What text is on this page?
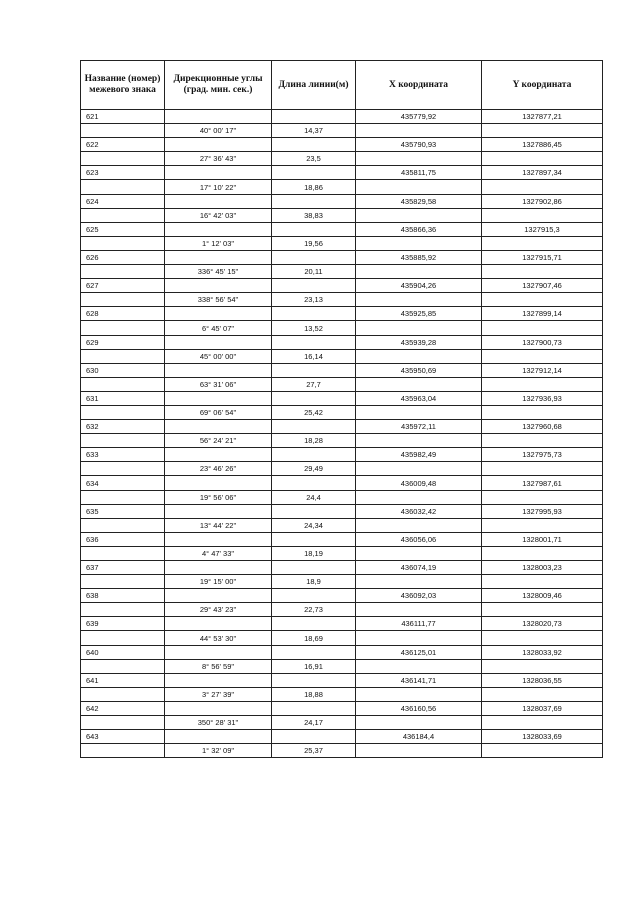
Название (номер) межевого знака	Дирекционные углы (град. мин. сек.)	Длина линии(м)	X координата	Y координата
621			435779,92	1327877,21
	40° 00' 17"	14,37		
622			435790,93	1327886,45
	27° 36' 43"	23,5		
623			435811,75	1327897,34
	17° 10' 22"	18,86		
624			435829,58	1327902,86
	16° 42' 03"	38,83		
625			435866,36	1327915,3
	1° 12' 03"	19,56		
626			435885,92	1327915,71
	336° 45' 15"	20,11		
627			435904,26	1327907,46
	338° 56' 54"	23,13		
628			435925,85	1327899,14
	6° 45' 07"	13,52		
629			435939,28	1327900,73
	45° 00' 00"	16,14		
630			435950,69	1327912,14
	63° 31' 06"	27,7		
631			435963,04	1327936,93
	69° 06' 54"	25,42		
632			435972,11	1327960,68
	56° 24' 21"	18,28		
633			435982,49	1327975,73
	23° 46' 26"	29,49		
634			436009,48	1327987,61
	19° 56' 06"	24,4		
635			436032,42	1327995,93
	13° 44' 22"	24,34		
636			436056,06	1328001,71
	4° 47' 33"	18,19		
637			436074,19	1328003,23
	19° 15' 00"	18,9		
638			436092,03	1328009,46
	29° 43' 23"	22,73		
639			436111,77	1328020,73
	44° 53' 30"	18,69		
640			436125,01	1328033,92
	8° 56' 59"	16,91		
641			436141,71	1328036,55
	3° 27' 39"	18,88		
642			436160,56	1328037,69
	350° 28' 31"	24,17		
643			436184,4	1328033,69
	1° 32' 09"	25,37		
